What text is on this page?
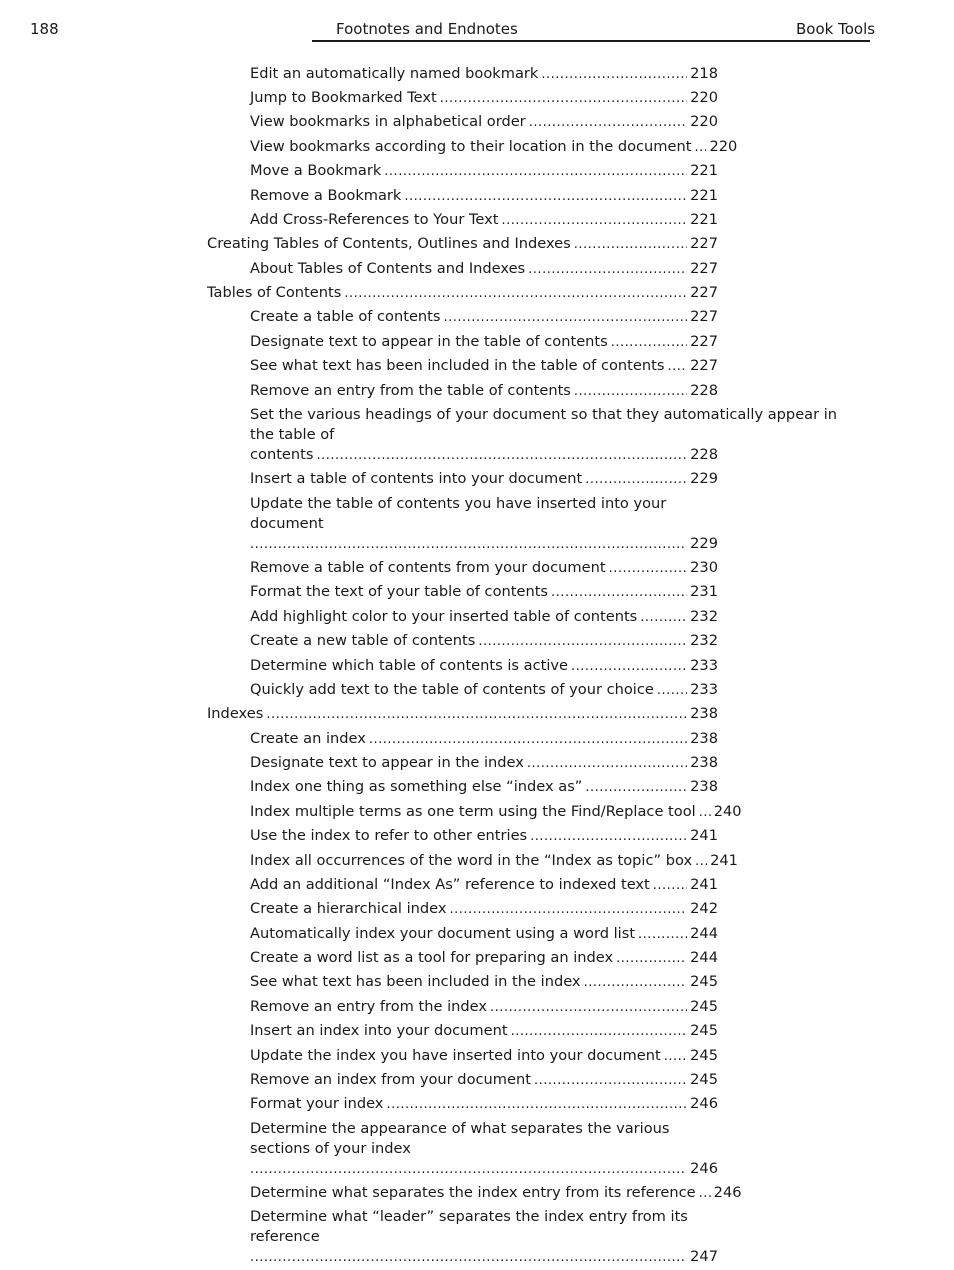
188	Footnotes and Endnotes	Book Tools
Edit an automatically named bookmark .....	218
Jump to Bookmarked Text .....	220
View bookmarks in alphabetical order .....	220
View bookmarks according to their location in the document ..... 220
Move a Bookmark .....	221
Remove a Bookmark .....	221
Add Cross-References to Your Text .....	221
Creating Tables of Contents, Outlines and Indexes .....	227
About Tables of Contents and Indexes .....	227
Tables of Contents .....	227
Create a table of contents .....	227
Designate text to appear in the table of contents .....	227
See what text has been included in the table of contents ..... 227
Remove an entry from the table of contents .....	228
Set the various headings of your document so that they automatically appear in the table of
contents .....	228
Insert a table of contents into your document .....	229
Update the table of contents you have inserted into your document
.....
229
Remove a table of contents from your document .....	230
Format the text of your table of contents .....	231
Add highlight color to your inserted table of contents .....	232
Create a new table of contents .....	232
Determine which table of contents is active .....	233
Quickly add text to the table of contents of your choice ..... 233
Indexes .....	238
Create an index .....	238
Designate text to appear in the index .....	238
Index one thing as something else “index as” .....	238
Index multiple terms as one term using the Find/Replace tool ..... 240
Use the index to refer to other entries .....	241
Index all occurrences of the word in the “Index as topic” box ..... 241
Add an additional “Index As” reference to indexed text .....	241
Create a hierarchical index .....	242
Automatically index your document using a word list .....	244
Create a word list as a tool for preparing an index .....	244
See what text has been included in the index .....	245
Remove an entry from the index .....	245
Insert an index into your document .....	245
Update the index you have inserted into your document ..... 245
Remove an index from your document .....	245
Format your index .....	246
Determine the appearance of what separates the various sections of your index
.....
246
Determine what separates the index entry from its reference ..... 246
Determine what “leader” separates the index entry from its reference
.....
247
